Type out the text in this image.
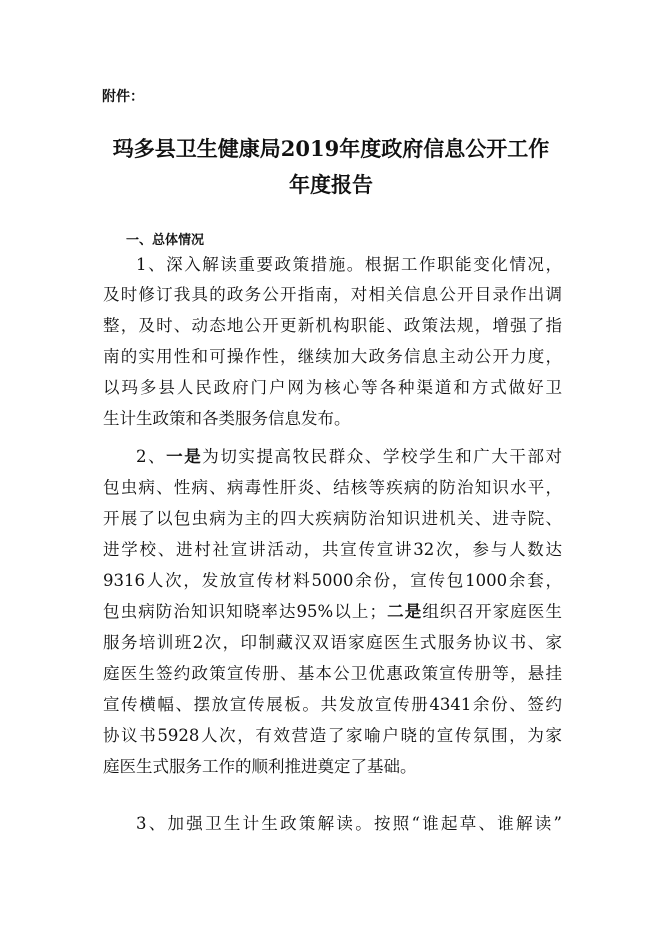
附件：
玛多县卫生健康局2019年度政府信息公开工作
年度报告
一、总体情况
1、深入解读重要政策措施。根据工作职能变化情况，
及时修订我具的政务公开指南，对相关信息公开目录作出调
整，及时、动态地公开更新机构职能、政策法规，增强了指
南的实用性和可操作性，继续加大政务信息主动公开力度，
以玛多县人民政府门户网为核心等各种渠道和方式做好卫
生计生政策和各类服务信息发布。
2、一是为切实提高牧民群众、学校学生和广大干部对
包虫病、性病、病毒性肝炎、结核等疾病的防治知识水平，
开展了以包虫病为主的四大疾病防治知识进机关、进寺院、
进学校、进村社宣讲活动，共宣传宣讲32次，参与人数达
9316人次，发放宣传材料5000余份，宣传包1000余套，
包虫病防治知识知晓率达95%以上；二是组织召开家庭医生
服务培训班2次，印制藏汉双语家庭医生式服务协议书、家
庭医生签约政策宣传册、基本公卫优惠政策宣传册等，悬挂
宣传横幅、摆放宣传展板。共发放宣传册4341余份、签约
协议书5928人次，有效营造了家喻户晓的宣传氛围，为家
庭医生式服务工作的顺利推进奠定了基础。
3、加强卫生计生政策解读。按照“谁起草、谁解读”
